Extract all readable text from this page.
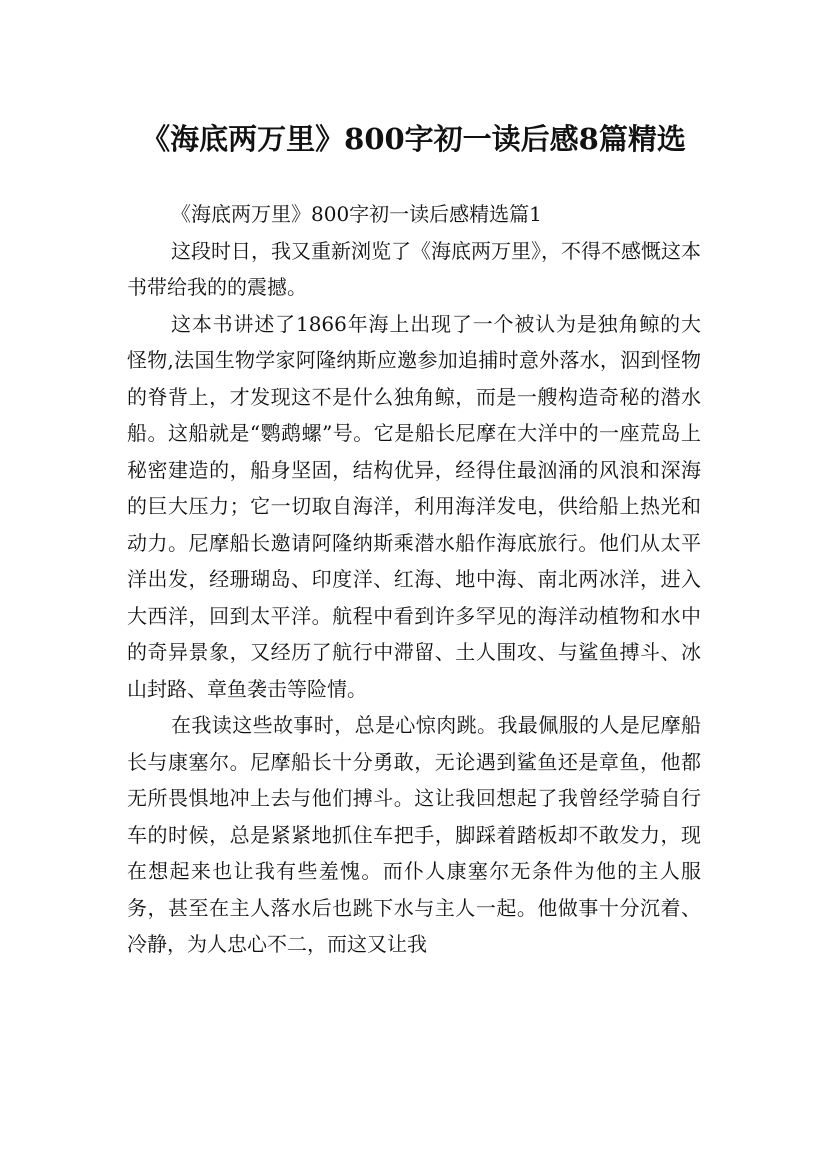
《海底两万里》800字初一读后感8篇精选

《海底两万里》800字初一读后感精选篇1

这段时日，我又重新浏览了《海底两万里》，不得不感慨这本书带给我的的震撼。

这本书讲述了1866年海上出现了一个被认为是独角鲸的大怪物,法国生物学家阿隆纳斯应邀参加追捕时意外落水，泅到怪物的脊背上，才发现这不是什么独角鲸，而是一艘构造奇秘的潜水船。这船就是“鹦鹉螺”号。它是船长尼摩在大洋中的一座荒岛上秘密建造的，船身坚固，结构优异，经得住最汹涌的风浪和深海的巨大压力；它一切取自海洋，利用海洋发电，供给船上热光和动力。尼摩船长邀请阿隆纳斯乘潜水船作海底旅行。他们从太平洋出发，经珊瑚岛、印度洋、红海、地中海、南北两冰洋，进入大西洋，回到太平洋。航程中看到许多罕见的海洋动植物和水中的奇异景象，又经历了航行中滞留、土人围攻、与鲨鱼搏斗、冰山封路、章鱼袭击等险情。

在我读这些故事时，总是心惊肉跳。我最佩服的人是尼摩船长与康塞尔。尼摩船长十分勇敢，无论遇到鲨鱼还是章鱼，他都无所畏惧地冲上去与他们搏斗。这让我回想起了我曾经学骑自行车的时候，总是紧紧地抓住车把手，脚踩着踏板却不敢发力，现在想起来也让我有些羞愧。而仆人康塞尔无条件为他的主人服务，甚至在主人落水后也跳下水与主人一起。他做事十分沉着、冷静，为人忠心不二，而这又让我
